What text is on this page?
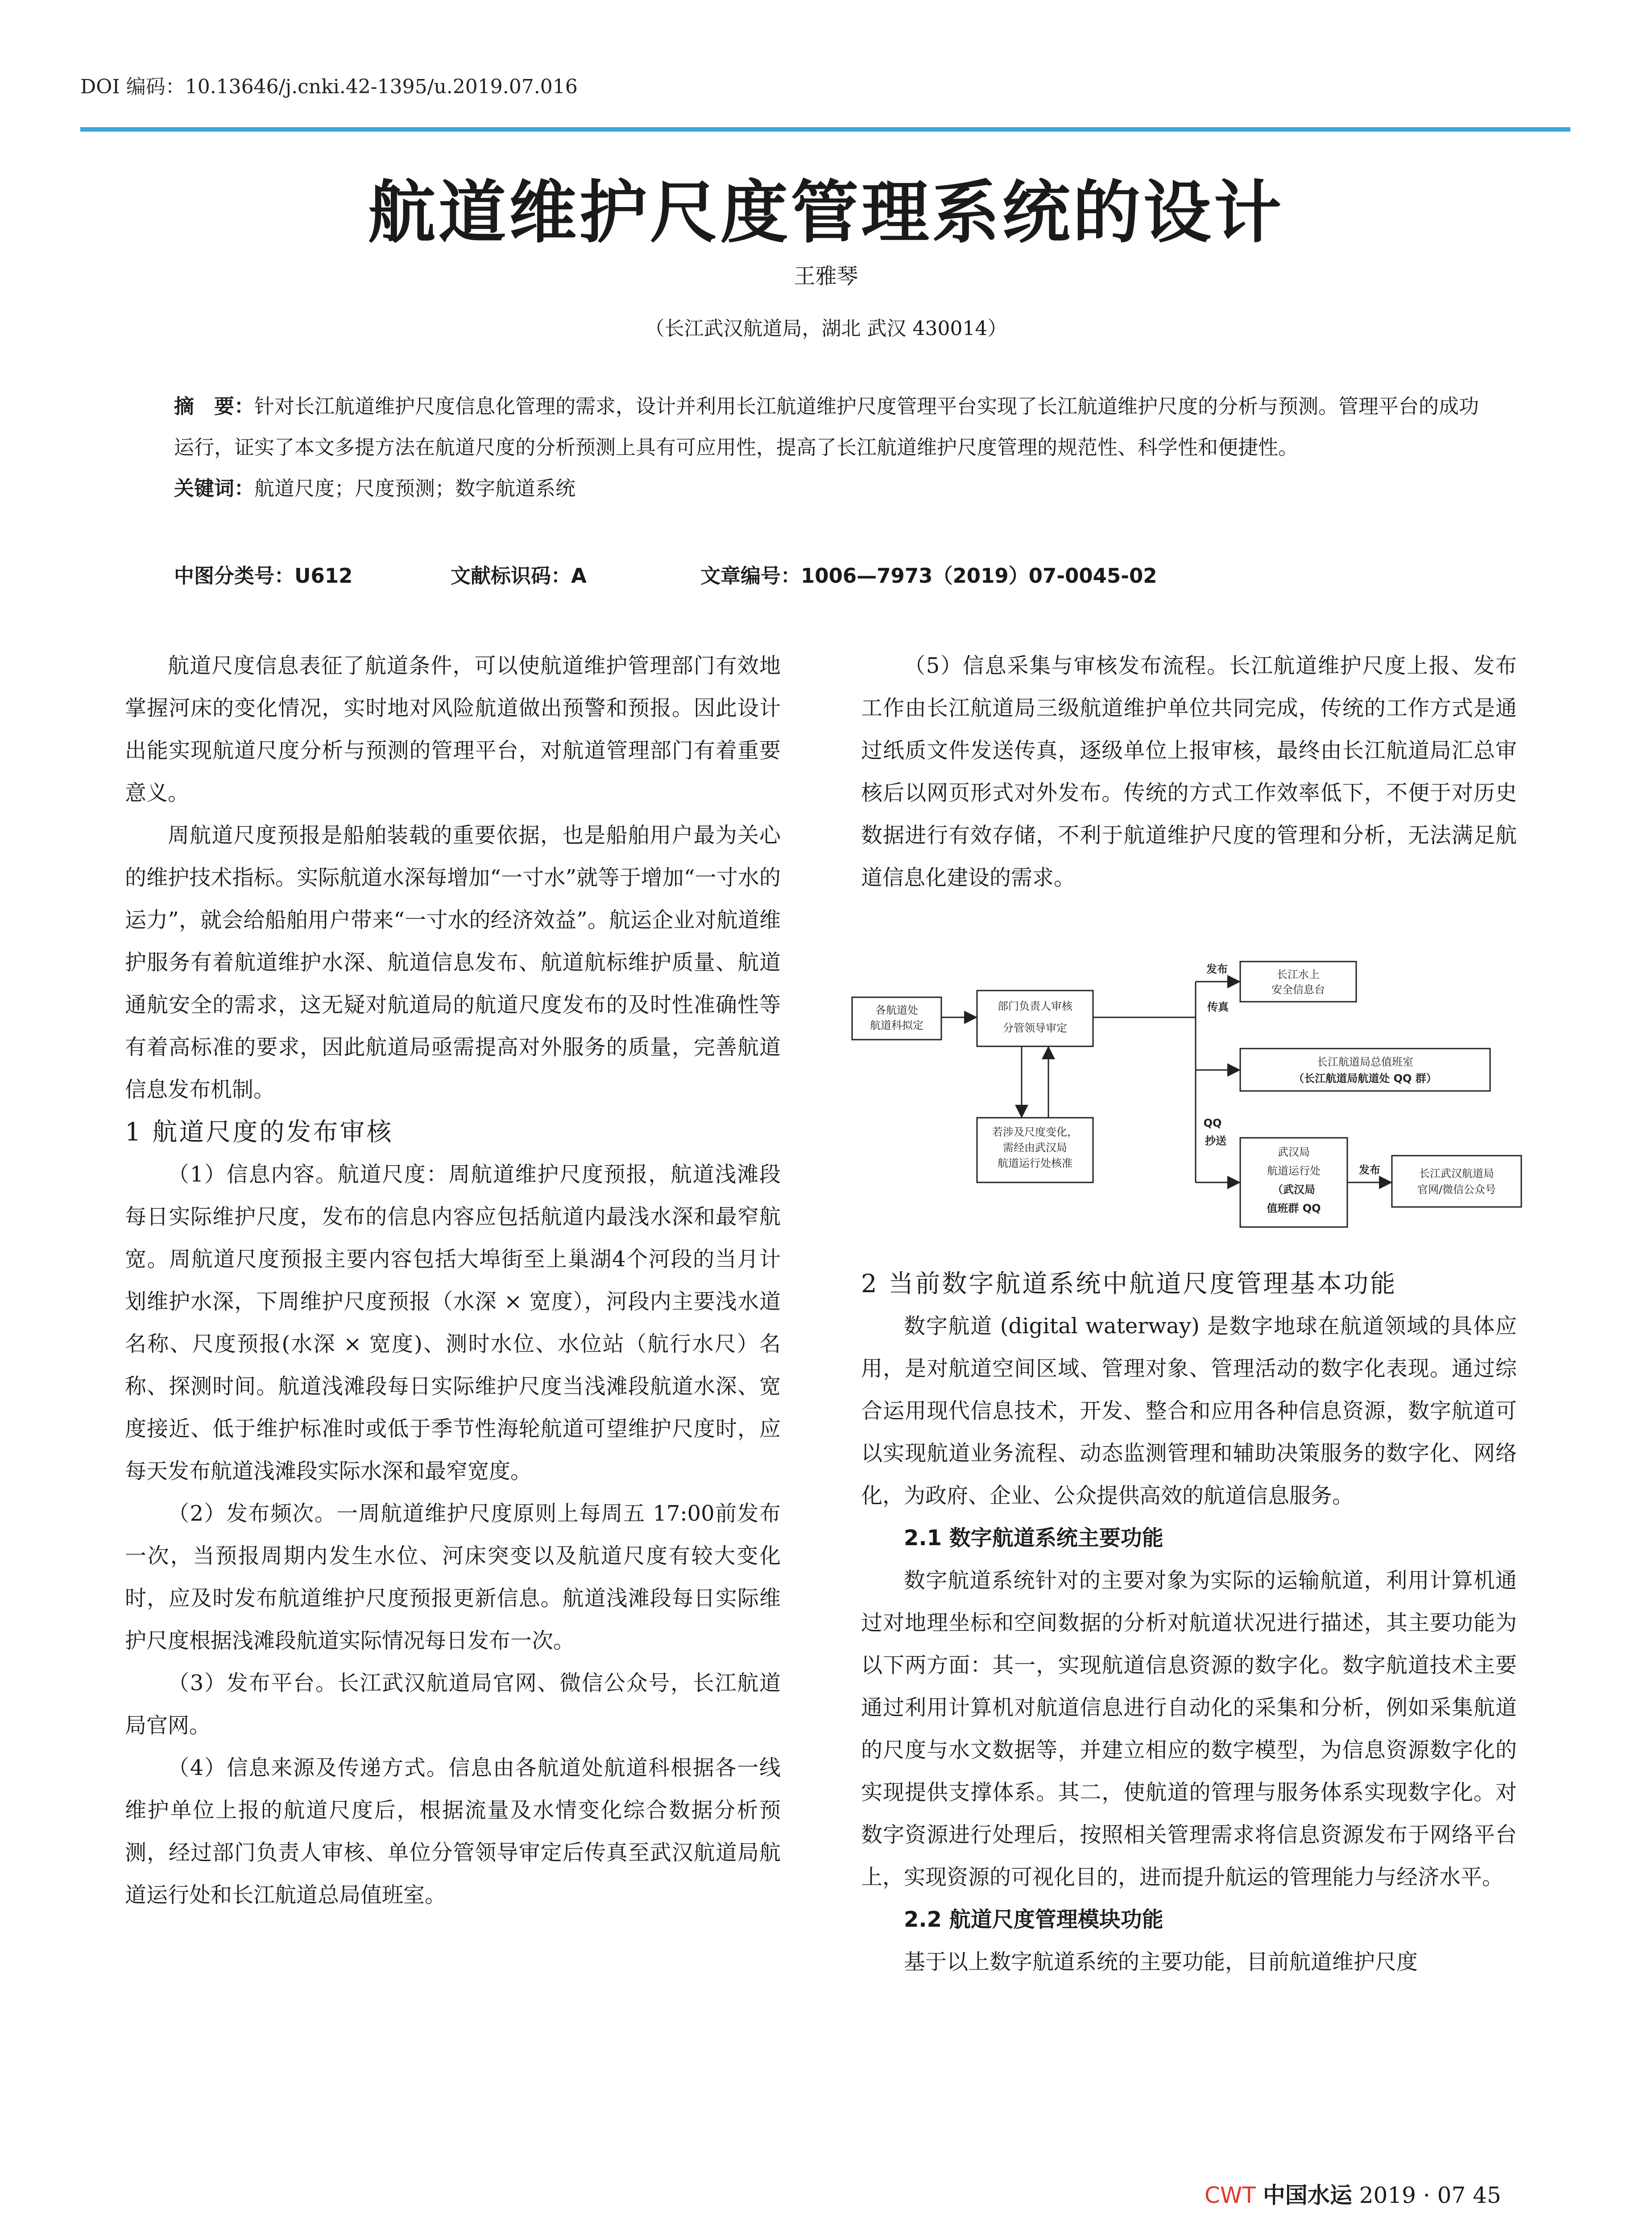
DOI 编码：10.13646/j.cnki.42-1395/u.2019.07.016
航道维护尺度管理系统的设计
王雅琴
（长江武汉航道局，湖北 武汉 430014）

摘　要：针对长江航道维护尺度信息化管理的需求，设计并利用长江航道维护尺度管理平台实现了长江航道维护尺度的分析与预测。管理平台的成功运行，证实了本文多提方法在航道尺度的分析预测上具有可应用性，提高了长江航道维护尺度管理的规范性、科学性和便捷性。

关键词：航道尺度；尺度预测；数字航道系统

中图分类号：U612	文献标识码：A	文章编号：1006—7973（2019）07-0045-02

航道尺度信息表征了航道条件，可以使航道维护管理部门有效地掌握河床的变化情况，实时地对风险航道做出预警和预报。因此设计出能实现航道尺度分析与预测的管理平台，对航道管理部门有着重要意义。

周航道尺度预报是船舶装载的重要依据，也是船舶用户最为关心的维护技术指标。实际航道水深每增加“一寸水”就等于增加“一寸水的运力”，就会给船舶用户带来“一寸水的经济效益”。航运企业对航道维护服务有着航道维护水深、航道信息发布、航道航标维护质量、航道通航安全的需求，这无疑对航道局的航道尺度发布的及时性准确性等有着高标准的要求，因此航道局亟需提高对外服务的质量，完善航道信息发布机制。

1 航道尺度的发布审核

（1）信息内容。航道尺度：周航道维护尺度预报，航道浅滩段每日实际维护尺度，发布的信息内容应包括航道内最浅水深和最窄航宽。周航道尺度预报主要内容包括大埠街至上巢湖4个河段的当月计划维护水深，下周维护尺度预报（水深 × 宽度），河段内主要浅水道名称、尺度预报(水深 × 宽度)、测时水位、水位站（航行水尺）名称、探测时间。航道浅滩段每日实际维护尺度当浅滩段航道水深、宽度接近、低于维护标准时或低于季节性海轮航道可望维护尺度时，应每天发布航道浅滩段实际水深和最窄宽度。

（2）发布频次。一周航道维护尺度原则上每周五 17:00前发布一次，当预报周期内发生水位、河床突变以及航道尺度有较大变化时，应及时发布航道维护尺度预报更新信息。航道浅滩段每日实际维护尺度根据浅滩段航道实际情况每日发布一次。

（3）发布平台。长江武汉航道局官网、微信公众号，长江航道局官网。

（4）信息来源及传递方式。信息由各航道处航道科根据各一线维护单位上报的航道尺度后，根据流量及水情变化综合数据分析预测，经过部门负责人审核、单位分管领导审定后传真至武汉航道局航道运行处和长江航道总局值班室。

（5）信息采集与审核发布流程。长江航道维护尺度上报、发布工作由长江航道局三级航道维护单位共同完成，传统的工作方式是通过纸质文件发送传真，逐级单位上报审核，最终由长江航道局汇总审核后以网页形式对外发布。传统的方式工作效率低下，不便于对历史数据进行有效存储，不利于航道维护尺度的管理和分析，无法满足航道信息化建设的需求。

各航道处
航道科拟定
部门负责人审核
分管领导审定
若涉及尺度变化，
需经由武汉局
航道运行处核准
长江水上
安全信息台
长江航道局总值班室
（长江航道局航道处 QQ 群）
武汉局
航道运行处
（武汉局
值班群 QQ
长江武汉航道局
官网/微信公众号
发布
传真
QQ
抄送
发布

2 当前数字航道系统中航道尺度管理基本功能

数字航道 (digital waterway) 是数字地球在航道领域的具体应用，是对航道空间区域、管理对象、管理活动的数字化表现。通过综合运用现代信息技术，开发、整合和应用各种信息资源，数字航道可以实现航道业务流程、动态监测管理和辅助决策服务的数字化、网络化，为政府、企业、公众提供高效的航道信息服务。

2.1 数字航道系统主要功能

数字航道系统针对的主要对象为实际的运输航道，利用计算机通过对地理坐标和空间数据的分析对航道状况进行描述，其主要功能为以下两方面：其一，实现航道信息资源的数字化。数字航道技术主要通过利用计算机对航道信息进行自动化的采集和分析，例如采集航道的尺度与水文数据等，并建立相应的数字模型，为信息资源数字化的实现提供支撑体系。其二，使航道的管理与服务体系实现数字化。对数字资源进行处理后，按照相关管理需求将信息资源发布于网络平台上，实现资源的可视化目的，进而提升航运的管理能力与经济水平。

2.2 航道尺度管理模块功能

基于以上数字航道系统的主要功能，目前航道维护尺度

CWT 中国水运 2019 · 07 45
